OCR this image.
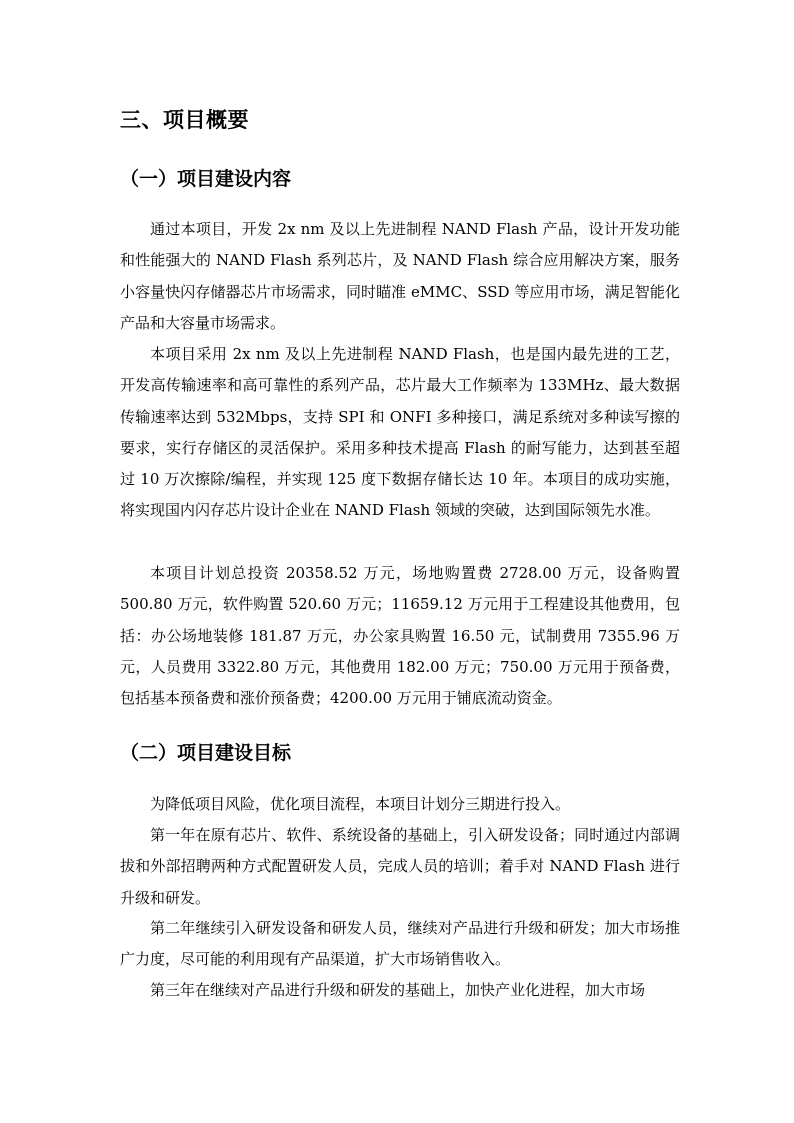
三、项目概要
（一）项目建设内容

通过本项目，开发 2x nm 及以上先进制程 NAND Flash 产品，设计开发功能和性能强大的 NAND Flash 系列芯片，及 NAND Flash 综合应用解决方案，服务小容量快闪存储器芯片市场需求，同时瞄准 eMMC、SSD 等应用市场，满足智能化产品和大容量市场需求。

本项目采用 2x nm 及以上先进制程 NAND Flash，也是国内最先进的工艺，开发高传输速率和高可靠性的系列产品，芯片最大工作频率为 133MHz、最大数据传输速率达到 532Mbps，支持 SPI 和 ONFI 多种接口，满足系统对多种读写擦的要求，实行存储区的灵活保护。采用多种技术提高 Flash 的耐写能力，达到甚至超过 10 万次擦除/编程，并实现 125 度下数据存储长达 10 年。本项目的成功实施，将实现国内闪存芯片设计企业在 NAND Flash 领域的突破，达到国际领先水准。

本项目计划总投资 20358.52 万元，场地购置费 2728.00 万元，设备购置 500.80 万元，软件购置 520.60 万元；11659.12 万元用于工程建设其他费用，包括：办公场地装修 181.87 万元，办公家具购置 16.50 元，试制费用 7355.96 万元，人员费用 3322.80 万元，其他费用 182.00 万元；750.00 万元用于预备费，包括基本预备费和涨价预备费；4200.00 万元用于铺底流动资金。

（二）项目建设目标

为降低项目风险，优化项目流程，本项目计划分三期进行投入。

第一年在原有芯片、软件、系统设备的基础上，引入研发设备；同时通过内部调拔和外部招聘两种方式配置研发人员，完成人员的培训；着手对 NAND Flash 进行升级和研发。

第二年继续引入研发设备和研发人员，继续对产品进行升级和研发；加大市场推广力度，尽可能的利用现有产品渠道，扩大市场销售收入。

第三年在继续对产品进行升级和研发的基础上，加快产业化进程，加大市场
